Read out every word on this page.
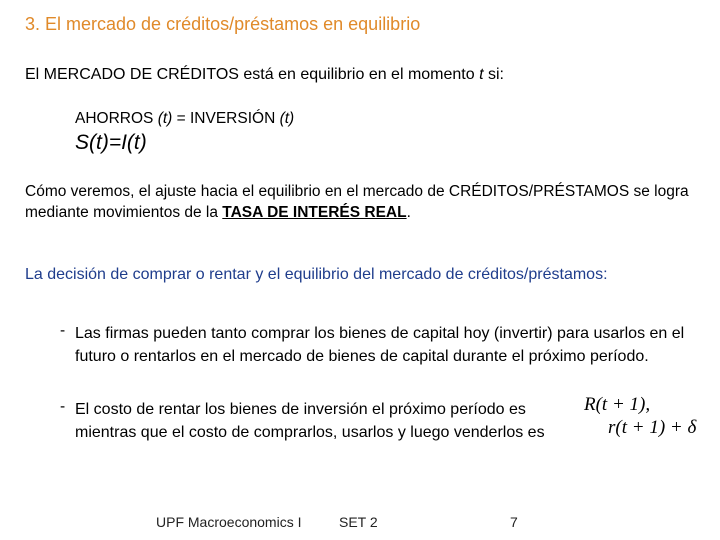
3. El mercado de créditos/préstamos en equilibrio
El MERCADO DE CRÉDITOS está en equilibrio en el momento t si:
AHORROS (t) = INVERSIÓN (t)
S(t)=I(t)
Cómo veremos, el ajuste hacia el equilibrio en el mercado de CRÉDITOS/PRÉSTAMOS se logra mediante movimientos de la TASA DE INTERÉS REAL.
La decisión de comprar o rentar y el equilibrio del mercado de créditos/préstamos:
- Las firmas pueden tanto comprar los bienes de capital hoy (invertir) para usarlos en el futuro o rentarlos en el mercado de bienes de capital durante el próximo período.
- El costo de rentar los bienes de inversión el próximo período es
mientras que el costo de comprarlos, usarlos y luego venderlos es
R(t + 1),
r(t + 1) + δ
UPF Macroeconomics I	SET 2	7
